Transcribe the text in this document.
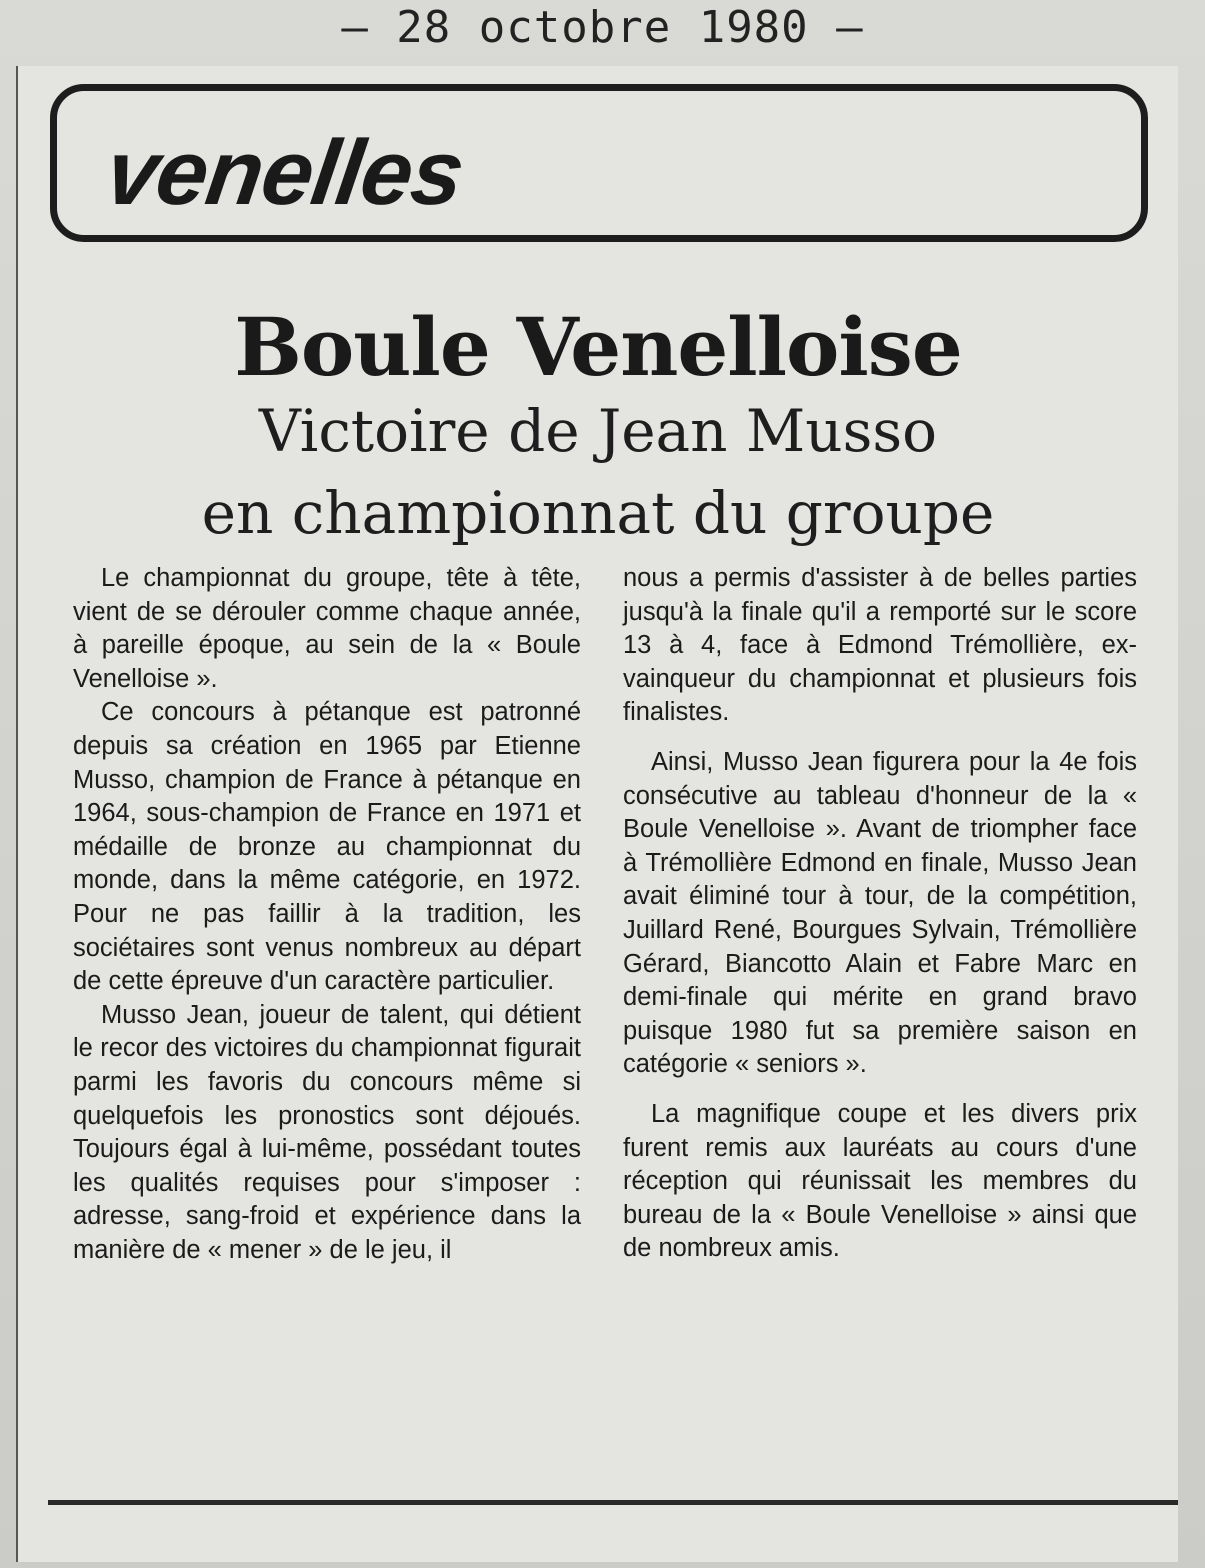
– 28 octobre 1980 –
venelles
Boule Venelloise
Victoire de Jean Musso
en championnat du groupe

Le championnat du groupe, tête à tête, vient de se dérouler comme chaque année, à pareille époque, au sein de la « Boule Venelloise ».

Ce concours à pétanque est patronné depuis sa création en 1965 par Etienne Musso, champion de France à pétanque en 1964, sous-champion de France en 1971 et médaille de bronze au championnat du monde, dans la même catégorie, en 1972. Pour ne pas faillir à la tradition, les sociétaires sont venus nombreux au départ de cette épreuve d'un caractère particulier.

Musso Jean, joueur de talent, qui détient le recor des victoires du championnat figurait parmi les favoris du concours même si quelquefois les pronostics sont déjoués. Toujours égal à lui-même, possédant toutes les qualités requises pour s'imposer : adresse, sang-froid et expérience dans la manière de « mener » de le jeu, il

nous a permis d'assister à de belles parties jusqu'à la finale qu'il a remporté sur le score 13 à 4, face à Edmond Trémollière, ex-vainqueur du championnat et plusieurs fois finalistes.

Ainsi, Musso Jean figurera pour la 4e fois consécutive au tableau d'honneur de la « Boule Venelloise ». Avant de triompher face à Trémollière Edmond en finale, Musso Jean avait éliminé tour à tour, de la compétition, Juillard René, Bourgues Sylvain, Trémollière Gérard, Biancotto Alain et Fabre Marc en demi-finale qui mérite en grand bravo puisque 1980 fut sa première saison en catégorie « seniors ».

La magnifique coupe et les divers prix furent remis aux lauréats au cours d'une réception qui réunissait les membres du bureau de la « Boule Venelloise » ainsi que de nombreux amis.
